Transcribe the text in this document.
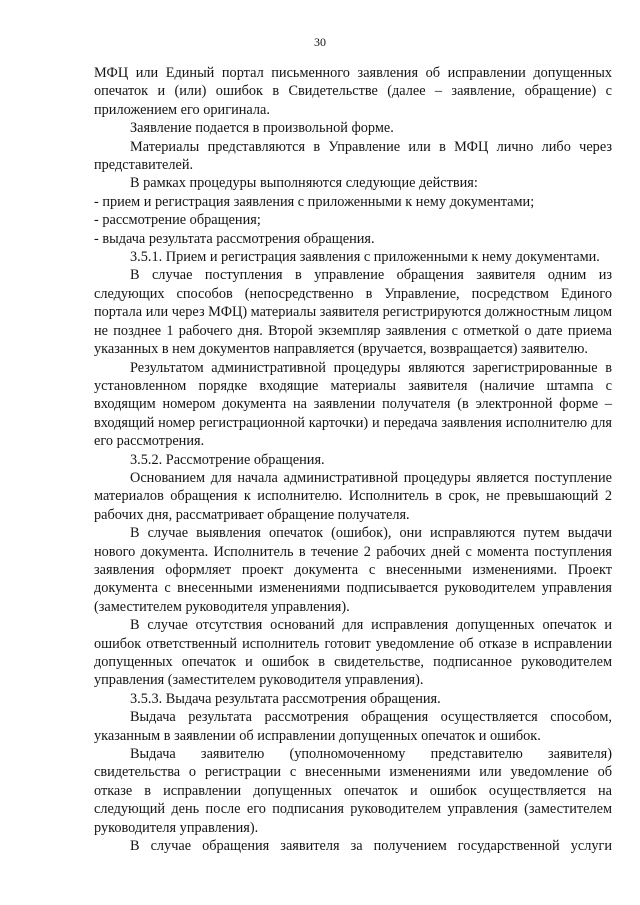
30

МФЦ или Единый портал письменного заявления об исправлении допущенных опечаток и (или) ошибок в Свидетельстве (далее – заявление, обращение) с приложением его оригинала.

Заявление подается в произвольной форме.

Материалы представляются в Управление или в МФЦ лично либо через представителей.

В рамках процедуры выполняются следующие действия:

- прием и регистрация заявления с приложенными к нему документами;

- рассмотрение обращения;

- выдача результата рассмотрения обращения.

3.5.1. Прием и регистрация заявления с приложенными к нему документами.

В случае поступления в управление обращения заявителя одним из следующих способов (непосредственно в Управление, посредством Единого портала или через МФЦ) материалы заявителя регистрируются должностным лицом не позднее 1 рабочего дня. Второй экземпляр заявления с отметкой о дате приема указанных в нем документов направляется (вручается, возвращается) заявителю.

Результатом административной процедуры являются зарегистрированные в установленном порядке входящие материалы заявителя (наличие штампа с входящим номером документа на заявлении получателя (в электронной форме – входящий номер регистрационной карточки) и передача заявления исполнителю для его рассмотрения.

3.5.2. Рассмотрение обращения.

Основанием для начала административной процедуры является поступление материалов обращения к исполнителю. Исполнитель в срок, не превышающий 2 рабочих дня, рассматривает обращение получателя.

В случае выявления опечаток (ошибок), они исправляются путем выдачи нового документа. Исполнитель в течение 2 рабочих дней с момента поступления заявления оформляет проект документа с внесенными изменениями. Проект документа с внесенными изменениями подписывается руководителем управления (заместителем руководителя управления).

В случае отсутствия оснований для исправления допущенных опечаток и ошибок ответственный исполнитель готовит уведомление об отказе в исправлении допущенных опечаток и ошибок в свидетельстве, подписанное руководителем управления (заместителем руководителя управления).

3.5.3. Выдача результата рассмотрения обращения.

Выдача результата рассмотрения обращения осуществляется способом, указанным в заявлении об исправлении допущенных опечаток и ошибок.

Выдача заявителю (уполномоченному представителю заявителя) свидетельства о регистрации с внесенными изменениями или уведомление об отказе в исправлении допущенных опечаток и ошибок осуществляется на следующий день после его подписания руководителем управления (заместителем руководителя управления).

В случае обращения заявителя за получением государственной услуги
